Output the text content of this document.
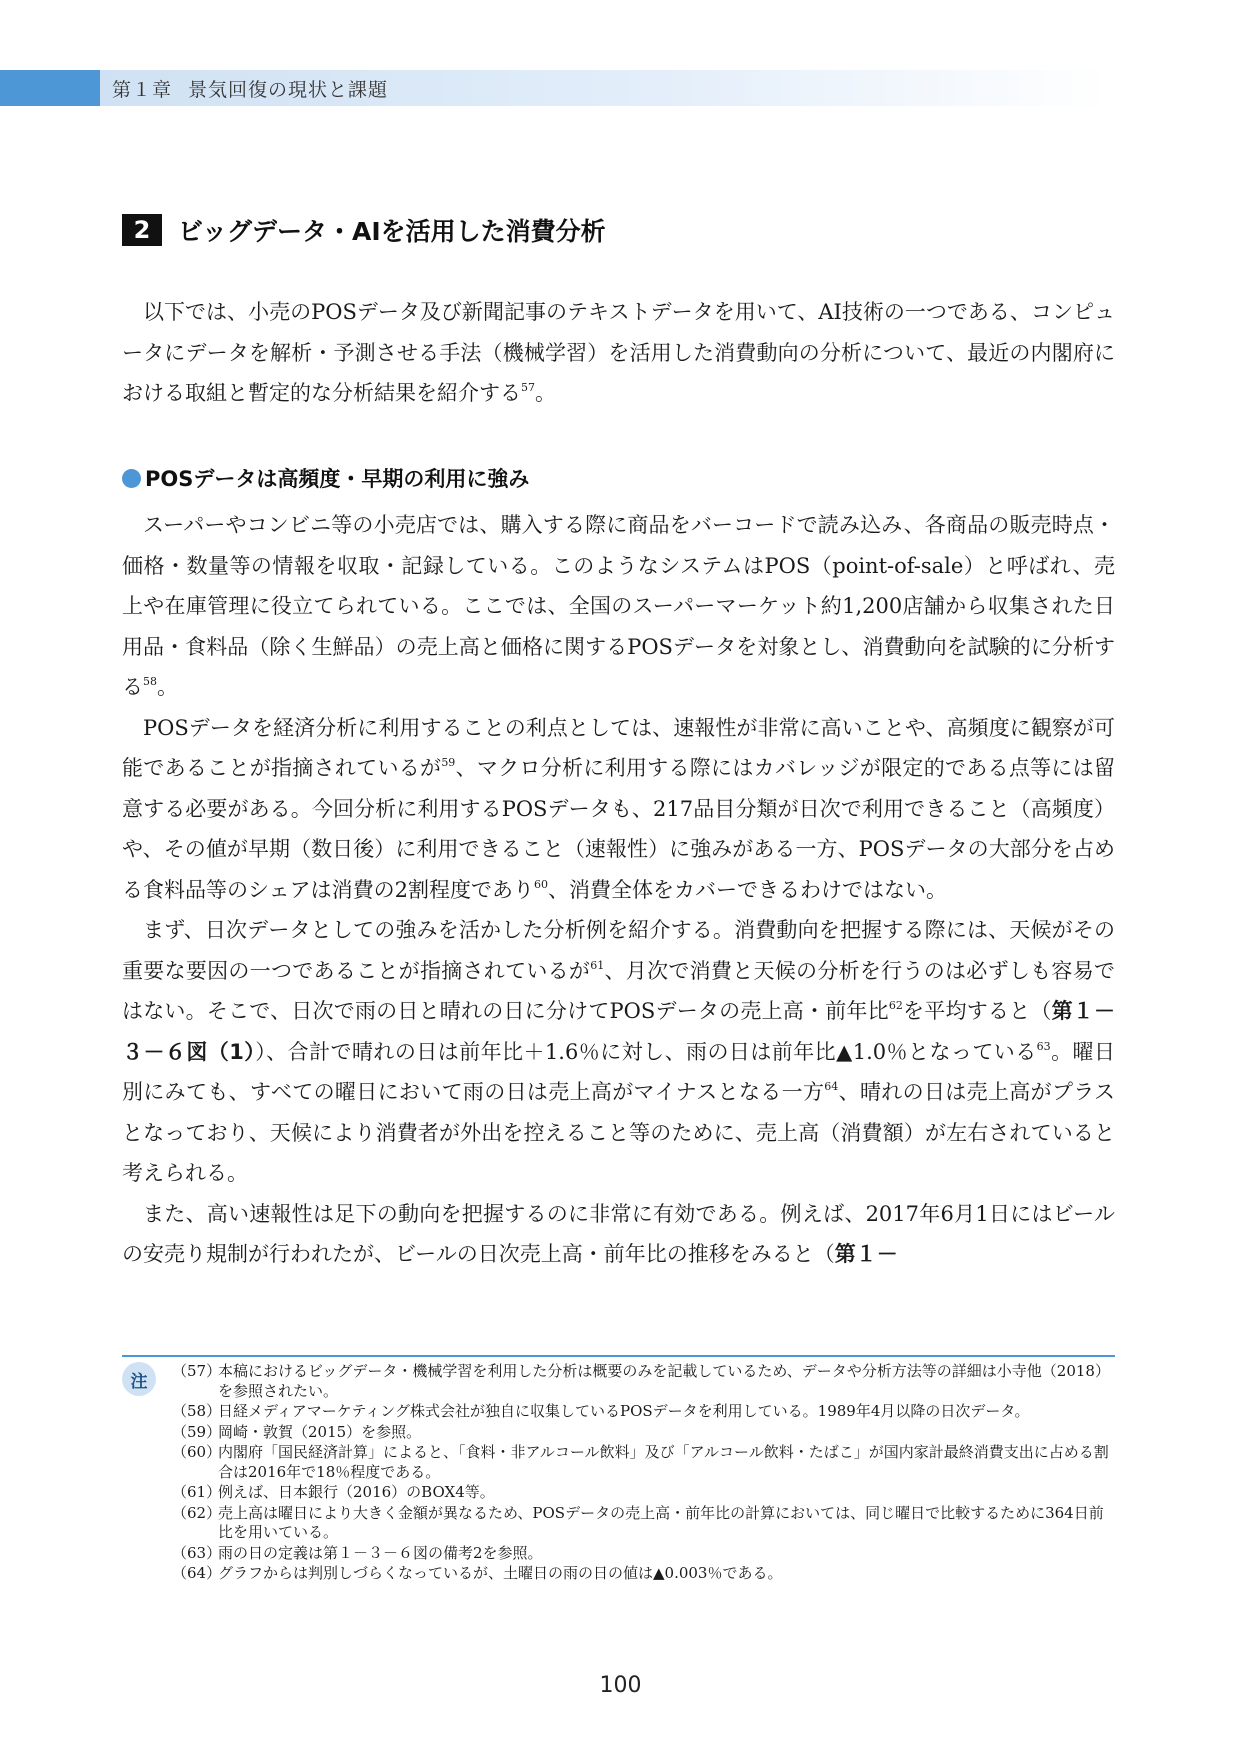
第１章 景気回復の現状と課題
2	ビッグデータ・AIを活用した消費分析

以下では、小売のPOSデータ及び新聞記事のテキストデータを用いて、AI技術の一つである、コンピュータにデータを解析・予測させる手法（機械学習）を活用した消費動向の分析について、最近の内閣府における取組と暫定的な分析結果を紹介する$^{57}$。

POSデータは高頻度・早期の利用に強み

スーパーやコンビニ等の小売店では、購入する際に商品をバーコードで読み込み、各商品の販売時点・価格・数量等の情報を収取・記録している。このようなシステムはPOS（point-of-sale）と呼ばれ、売上や在庫管理に役立てられている。ここでは、全国のスーパーマーケット約1,200店舗から収集された日用品・食料品（除く生鮮品）の売上高と価格に関するPOSデータを対象とし、消費動向を試験的に分析する$^{58}$。

POSデータを経済分析に利用することの利点としては、速報性が非常に高いことや、高頻度に観察が可能であることが指摘されているが$^{59}$、マクロ分析に利用する際にはカバレッジが限定的である点等には留意する必要がある。今回分析に利用するPOSデータも、217品目分類が日次で利用できること（高頻度）や、その値が早期（数日後）に利用できること（速報性）に強みがある一方、POSデータの大部分を占める食料品等のシェアは消費の2割程度であり$^{60}$、消費全体をカバーできるわけではない。

まず、日次データとしての強みを活かした分析例を紹介する。消費動向を把握する際には、天候がその重要な要因の一つであることが指摘されているが$^{61}$、月次で消費と天候の分析を行うのは必ずしも容易ではない。そこで、日次で雨の日と晴れの日に分けてPOSデータの売上高・前年比$^{62}$を平均すると（第１－３－６図（1））、合計で晴れの日は前年比＋1.6％に対し、雨の日は前年比▲1.0％となっている$^{63}$。曜日別にみても、すべての曜日において雨の日は売上高がマイナスとなる一方$^{64}$、晴れの日は売上高がプラスとなっており、天候により消費者が外出を控えること等のために、売上高（消費額）が左右されていると考えられる。

また、高い速報性は足下の動向を把握するのに非常に有効である。例えば、2017年6月1日にはビールの安売り規制が行われたが、ビールの日次売上高・前年比の推移をみると（第１－

注
（57）
本稿におけるビッグデータ・機械学習を利用した分析は概要のみを記載しているため、データや分析方法等の詳細は小寺他（2018）を参照されたい。
（58）
日経メディアマーケティング株式会社が独自に収集しているPOSデータを利用している。1989年4月以降の日次データ。
（59）
岡崎・敦賀（2015）を参照。
（60）
内閣府「国民経済計算」によると、「食料・非アルコール飲料」及び「アルコール飲料・たばこ」が国内家計最終消費支出に占める割合は2016年で18％程度である。
（61）
例えば、日本銀行（2016）のBOX4等。
（62）
売上高は曜日により大きく金額が異なるため、POSデータの売上高・前年比の計算においては、同じ曜日で比較するために364日前比を用いている。
（63）
雨の日の定義は第１－３－６図の備考2を参照。
（64）
グラフからは判別しづらくなっているが、土曜日の雨の日の値は▲0.003％である。
100
